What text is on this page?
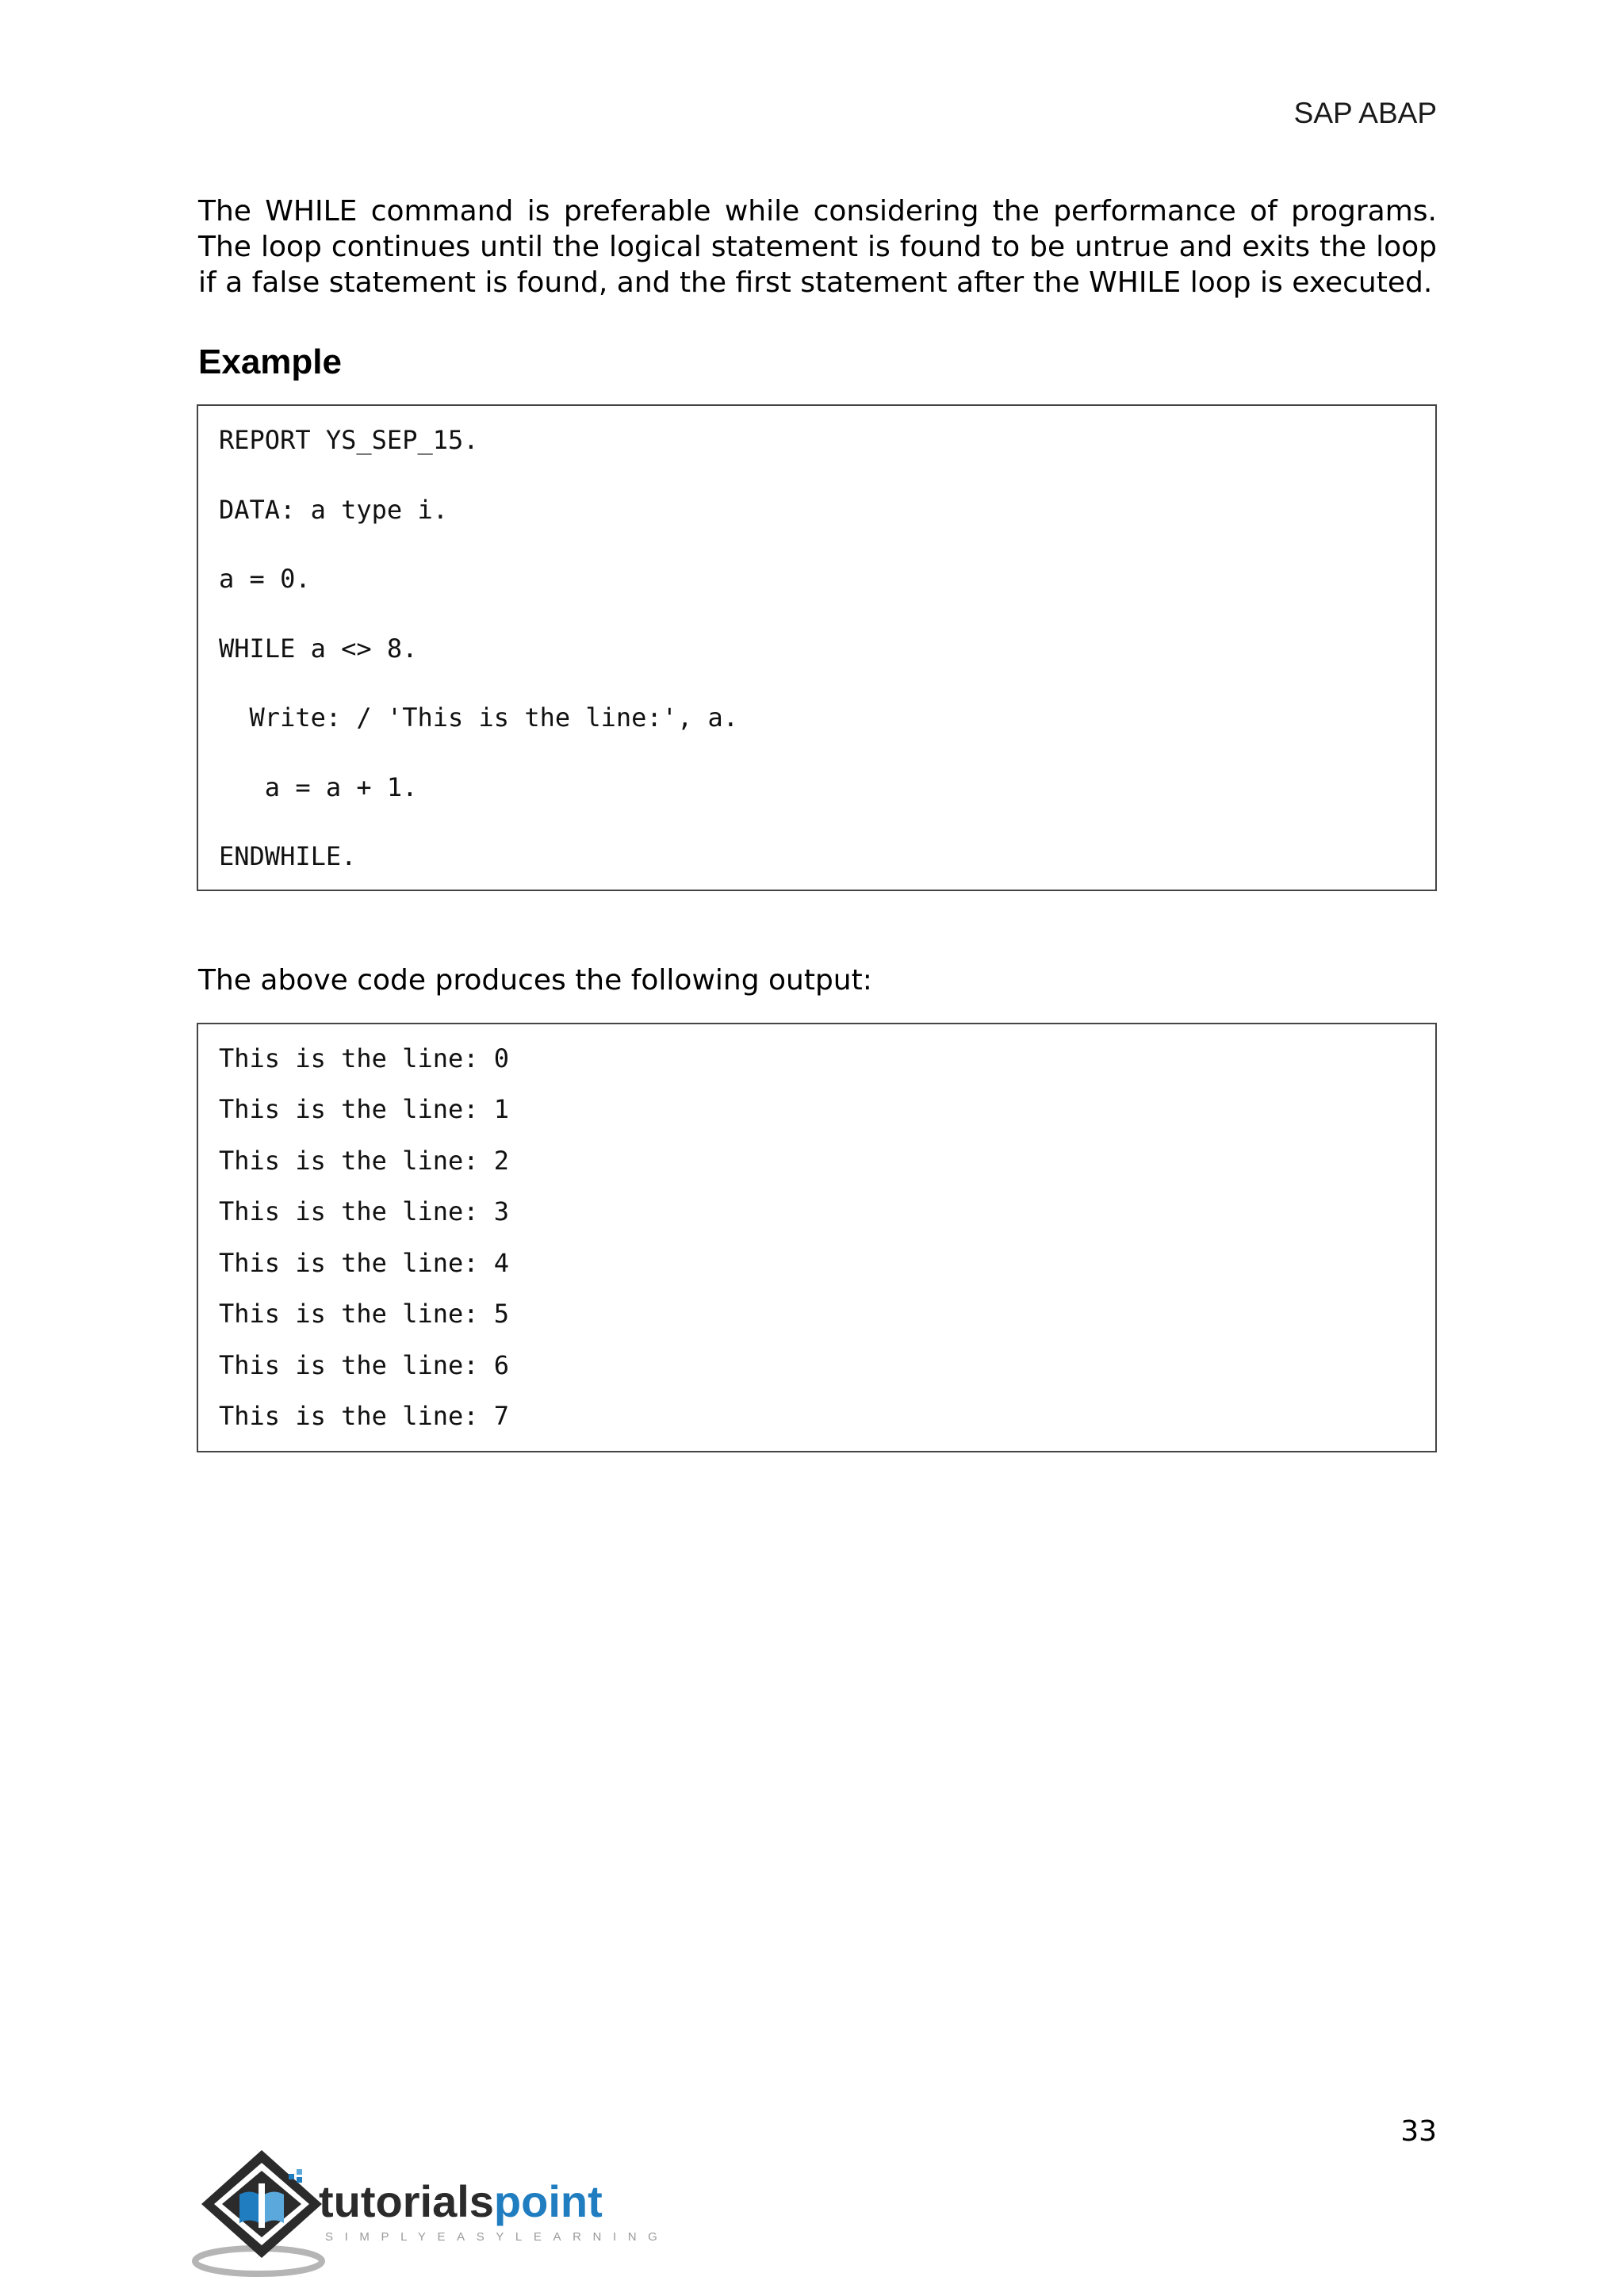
SAP ABAP
The WHILE command is preferable while considering the performance of programs. The loop continues until the logical statement is found to be untrue and exits the loop if a false statement is found, and the first statement after the WHILE loop is executed.
Example
REPORT YS_SEP_15.
DATA: a type i.
a = 0.
WHILE a <> 8.
Write: / 'This is the line:', a.
a = a + 1.
ENDWHILE.
The above code produces the following output:
This is the line: 0
This is the line: 1
This is the line: 2
This is the line: 3
This is the line: 4
This is the line: 5
This is the line: 6
This is the line: 7
33
tutorialspoint
SIMPLYEASYLEARNING
